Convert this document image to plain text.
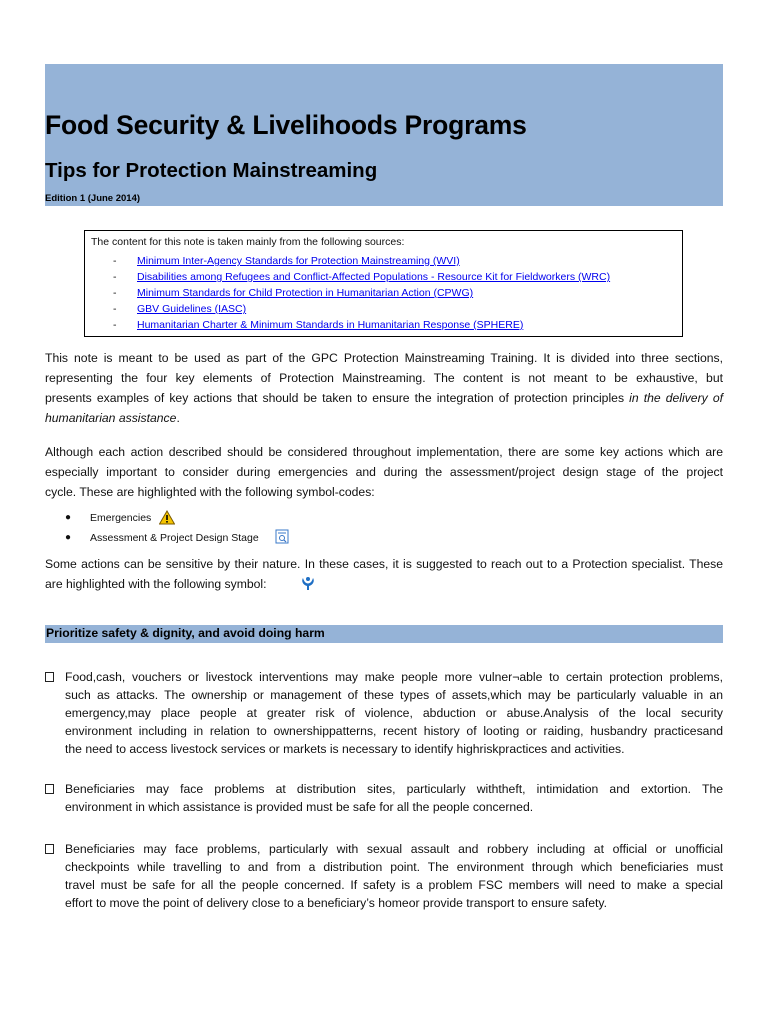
Food Security & Livelihoods Programs
Tips for Protection Mainstreaming

Edition 1 (June 2014)

The content for this note is taken mainly from the following sources:

- Minimum Inter-Agency Standards for Protection Mainstreaming (WVI)
- Disabilities among Refugees and Conflict-Affected Populations - Resource Kit for Fieldworkers (WRC)
- Minimum Standards for Child Protection in Humanitarian Action (CPWG)
- GBV Guidelines (IASC)
- Humanitarian Charter & Minimum Standards in Humanitarian Response (SPHERE)

This note is meant to be used as part of the GPC Protection Mainstreaming Training. It is divided into three sections,
representing the four key elements of Protection Mainstreaming. The content is not meant to be exhaustive, but
presents examples of key actions that should be taken to ensure the integration of protection principles in the delivery of
humanitarian assistance.

Although each action described should be considered throughout implementation, there are some key actions which are
especially important to consider during emergencies and during the assessment/project design stage of the project
cycle. These are highlighted with the following symbol-codes:

● Emergencies
● Assessment & Project Design Stage

Some actions can be sensitive by their nature. In these cases, it is suggested to reach out to a Protection specialist. These
are highlighted with the following symbol:

Prioritize safety & dignity, and avoid doing harm
Food,cash, vouchers or livestock interventions may make people more vulner¬able to certain protection problems,
such as attacks. The ownership or management of these types of assets,which may be particularly valuable in an
emergency,may place people at greater risk of violence, abduction or abuse.Analysis of the local security
environment including in relation to ownershippatterns, recent history of looting or raiding, husbandry practicesand
the need to access livestock services or markets is necessary to identify highriskpractices and activities.
Beneficiaries may face problems at distribution sites, particularly withtheft, intimidation and extortion. The
environment in which assistance is provided must be safe for all the people concerned.
Beneficiaries may face problems, particularly with sexual assault and robbery including at official or unofficial
checkpoints while travelling to and from a distribution point. The environment through which beneficiaries must
travel must be safe for all the people concerned. If safety is a problem FSC members will need to make a special
effort to move the point of delivery close to a beneficiary’s homeor provide transport to ensure safety.
